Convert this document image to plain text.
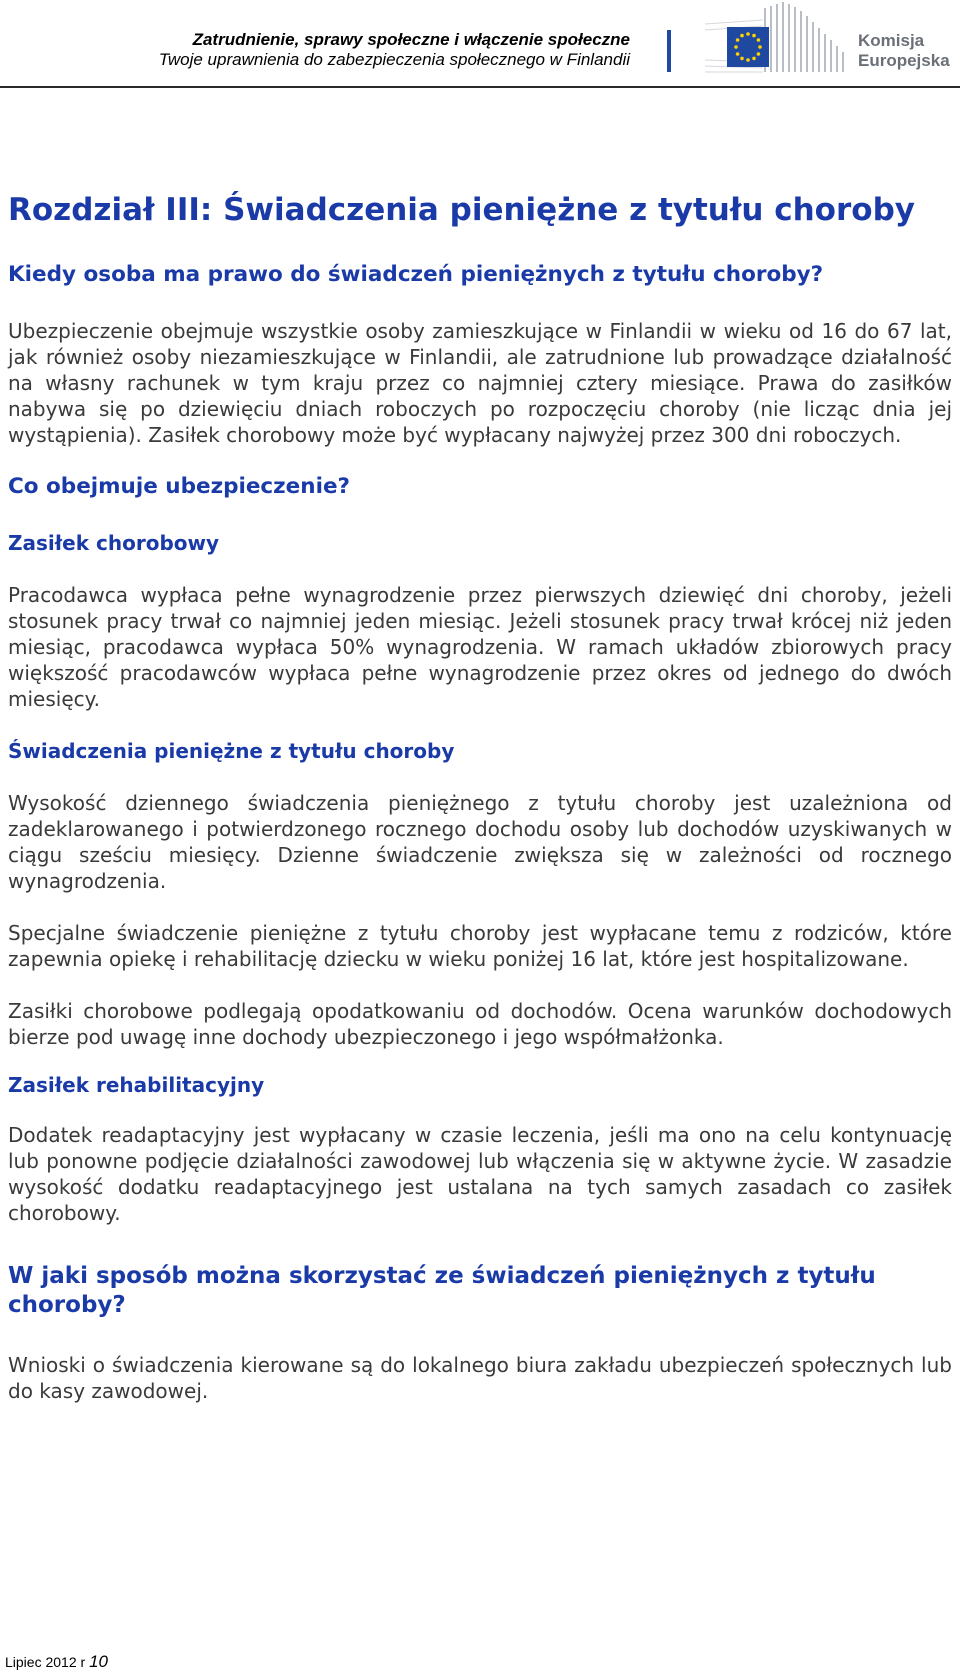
Zatrudnienie, sprawy społeczne i włączenie społeczne
Twoje uprawnienia do zabezpieczenia społecznego w Finlandii
Komisja
Europejska
Rozdział III: Świadczenia pieniężne z tytułu choroby
Kiedy osoba ma prawo do świadczeń pieniężnych z tytułu choroby?

Ubezpieczenie obejmuje wszystkie osoby zamieszkujące w Finlandii w wieku od 16 do 67 lat, jak również osoby niezamieszkujące w Finlandii, ale zatrudnione lub prowadzące działalność na własny rachunek w tym kraju przez co najmniej cztery miesiące. Prawa do zasiłków nabywa się po dziewięciu dniach roboczych po rozpoczęciu choroby (nie licząc dnia jej wystąpienia). Zasiłek chorobowy może być wypłacany najwyżej przez 300 dni roboczych.

Co obejmuje ubezpieczenie?
Zasiłek chorobowy

Pracodawca wypłaca pełne wynagrodzenie przez pierwszych dziewięć dni choroby, jeżeli stosunek pracy trwał co najmniej jeden miesiąc. Jeżeli stosunek pracy trwał krócej niż jeden miesiąc, pracodawca wypłaca 50% wynagrodzenia. W ramach układów zbiorowych pracy większość pracodawców wypłaca pełne wynagrodzenie przez okres od jednego do dwóch miesięcy.

Świadczenia pieniężne z tytułu choroby

Wysokość dziennego świadczenia pieniężnego z tytułu choroby jest uzależniona od zadeklarowanego i potwierdzonego rocznego dochodu osoby lub dochodów uzyskiwanych w ciągu sześciu miesięcy. Dzienne świadczenie zwiększa się w zależności od rocznego wynagrodzenia.

Specjalne świadczenie pieniężne z tytułu choroby jest wypłacane temu z rodziców, które zapewnia opiekę i rehabilitację dziecku w wieku poniżej 16 lat, które jest hospitalizowane.

Zasiłki chorobowe podlegają opodatkowaniu od dochodów. Ocena warunków dochodowych bierze pod uwagę inne dochody ubezpieczonego i jego współmałżonka.

Zasiłek rehabilitacyjny

Dodatek readaptacyjny jest wypłacany w czasie leczenia, jeśli ma ono na celu kontynuację lub ponowne podjęcie działalności zawodowej lub włączenia się w aktywne życie. W zasadzie wysokość dodatku readaptacyjnego jest ustalana na tych samych zasadach co zasiłek chorobowy.

W jaki sposób można skorzystać ze świadczeń pieniężnych z tytułu choroby?

Wnioski o świadczenia kierowane są do lokalnego biura zakładu ubezpieczeń społecznych lub do kasy zawodowej.

Lipiec 2012 r 10
